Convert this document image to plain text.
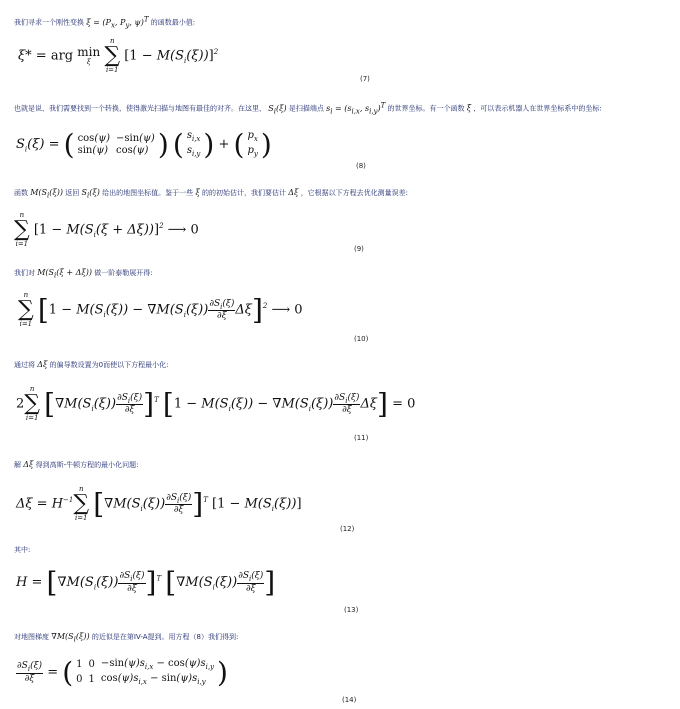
我们寻求一个刚性变换 $\xi = (P_x$, $P_y$, ψ)$^T$ 的函数最小值:
ξ* = arg min
ξ

n
∑
i=1
$[1 - M(S_i(\xi))]^2$
(7)
也就是说，我们需要找到一个转换，使得激光扫描与地图有最佳的对齐。在这里， $S_i(\xi)$ 是扫描端点 $s_i = (s_{i,x}$, $s_{i,y})^T$ 的世界坐标。有一个函数 ξ ，可以表示机器人在世界坐标系中的坐标:
$S_i(\xi)$ = ( cos(ψ)	−sin(ψ)
sin(ψ)	cos(ψ) ) ( $s_{i,x}$
$s_{i,y}$ ) + ( $p_x$
$p_y$ )
(8)
函数 $M(S_i(\xi))$ 返回 $S_i(\xi)$ 给出的地图坐标值。鉴于一些 ξ 的的初始估计，我们要估计 Δξ ，它根据以下方程去优化测量误差:
n
∑
i=1
$[1 - M(S_i(\xi + \Delta\xi))]^2$ ⟶ 0
(9)
我们对 $M(S_i(\xi + \Delta\xi))$ 做一阶泰勒展开得:
n
∑
i=1 $[1 - M(S_i(\xi)) - \nabla M(S_i(\xi)) \frac{\partial S_i(\xi)}{\partial\xi} \Delta\xi]^2$ ⟶ 0
(10)
通过将 Δξ 的偏导数设置为0而使以下方程最小化:
2
n
∑
i=1 $[\nabla M(S_i(\xi)) \frac{\partial S_i(\xi)}{\partial\xi} ]^T$ $[1 - M(S_i(\xi)) - \nabla M(S_i(\xi)) \frac{\partial S_i(\xi)}{\partial\xi} \Delta\xi] = 0$
(11)
解 Δξ 得到高斯-牛顿方程的最小化问题:
$\Delta\xi = H^{-1}$
n
∑
i=1 $[\nabla M(S_i(\xi)) \frac{\partial S_i(\xi)}{\partial\xi} ]^T$ $[1 - M(S_i(\xi))]$
(12)
其中:
$H = [\nabla M(S_i(\xi)) \frac{\partial S_i(\xi)}{\partial\xi} ]^T$ [$\nabla M(S_i(\xi)) \frac{\partial S_i(\xi)}{\partial\xi}$ ]
(13)
对地图梯度 $\nabla M(S_i(\xi))$ 的近似是在第IV-A提到。用方程（8）我们得到:
$\frac{\partial S_i(\xi)}{\partial\xi}$ = ( 1	0	$-\sin(\psi)s_{i,x} - \cos(\psi)s_{i,y}$
0	1	$\cos(\psi)s_{i,x} - \sin(\psi)s_{i,y}$ )
(14)
